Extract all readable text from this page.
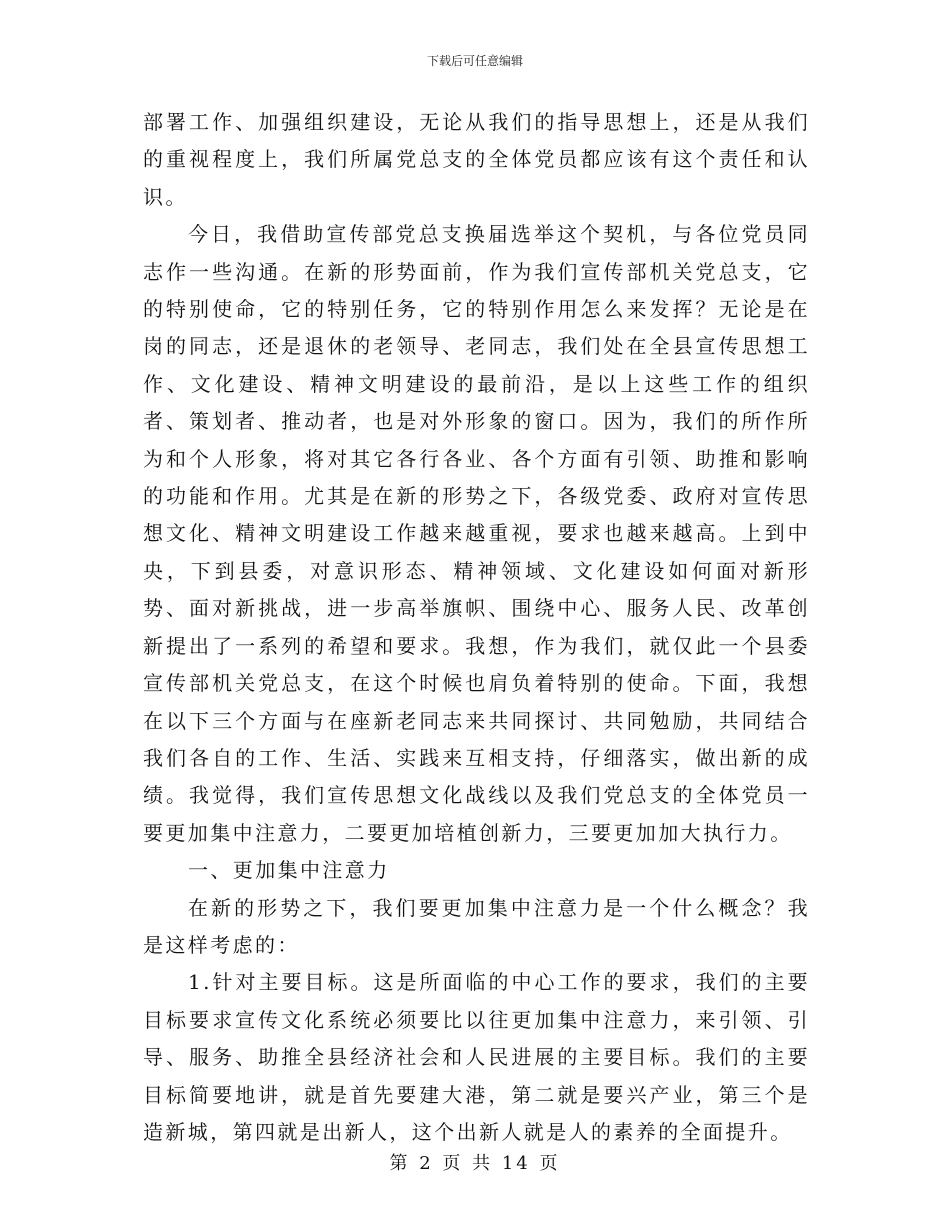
下载后可任意编辑

部署工作、加强组织建设，无论从我们的指导思想上，还是从我们的重视程度上，我们所属党总支的全体党员都应该有这个责任和认识。

今日，我借助宣传部党总支换届选举这个契机，与各位党员同志作一些沟通。在新的形势面前，作为我们宣传部机关党总支，它的特别使命，它的特别任务，它的特别作用怎么来发挥？无论是在岗的同志，还是退休的老领导、老同志，我们处在全县宣传思想工作、文化建设、精神文明建设的最前沿，是以上这些工作的组织者、策划者、推动者，也是对外形象的窗口。因为，我们的所作所为和个人形象，将对其它各行各业、各个方面有引领、助推和影响的功能和作用。尤其是在新的形势之下，各级党委、政府对宣传思想文化、精神文明建设工作越来越重视，要求也越来越高。上到中央，下到县委，对意识形态、精神领域、文化建设如何面对新形势、面对新挑战，进一步高举旗帜、围绕中心、服务人民、改革创新提出了一系列的希望和要求。我想，作为我们，就仅此一个县委宣传部机关党总支，在这个时候也肩负着特别的使命。下面，我想在以下三个方面与在座新老同志来共同探讨、共同勉励，共同结合我们各自的工作、生活、实践来互相支持，仔细落实，做出新的成绩。我觉得，我们宣传思想文化战线以及我们党总支的全体党员一要更加集中注意力，二要更加培植创新力，三要更加加大执行力。

一、更加集中注意力

在新的形势之下，我们要更加集中注意力是一个什么概念？我是这样考虑的：

1.针对主要目标。这是所面临的中心工作的要求，我们的主要目标要求宣传文化系统必须要比以往更加集中注意力，来引领、引导、服务、助推全县经济社会和人民进展的主要目标。我们的主要目标简要地讲，就是首先要建大港，第二就是要兴产业，第三个是造新城，第四就是出新人，这个出新人就是人的素养的全面提升。

第 2 页 共 14 页
